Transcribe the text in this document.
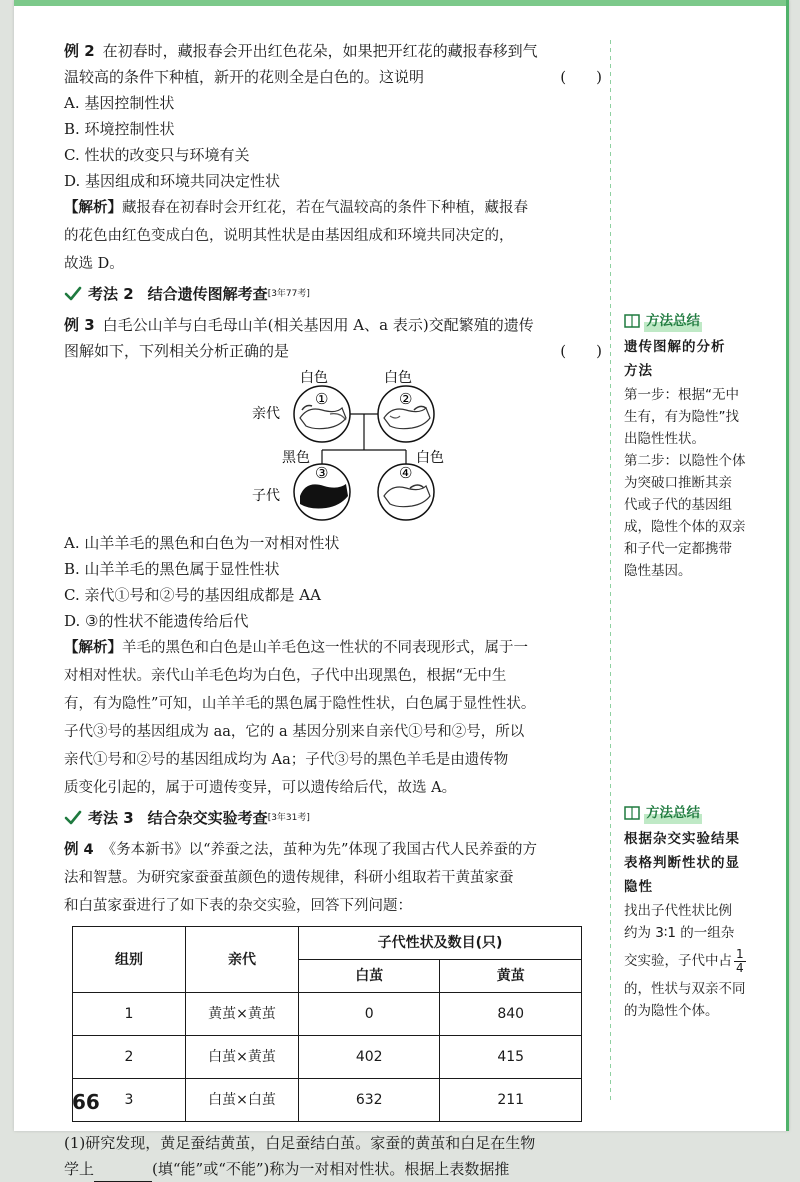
例 2 在初春时，藏报春会开出红色花朵，如果把开红花的藏报春移到气

温较高的条件下种植，新开的花则全是白色的。这说明	(　　)

A. 基因控制性状

B. 环境控制性状

C. 性状的改变只与环境有关

D. 基因组成和环境共同决定性状

【解析】藏报春在初春时会开红花，若在气温较高的条件下种植，藏报春

的花色由红色变成白色，说明其性状是由基因组成和环境共同决定的，

故选 D。

考法 2 结合遗传图解考查 [3年77考]

例 3 白毛公山羊与白毛母山羊(相关基因用 A、a 表示)交配繁殖的遗传

图解如下，下列相关分析正确的是	(　　)

白色	白色
亲代
子代
①	②
黑色	白色
③	④

A. 山羊羊毛的黑色和白色为一对相对性状

B. 山羊羊毛的黑色属于显性性状

C. 亲代①号和②号的基因组成都是 AA

D. ③的性状不能遗传给后代

【解析】羊毛的黑色和白色是山羊毛色这一性状的不同表现形式，属于一

对相对性状。亲代山羊毛色均为白色，子代中出现黑色，根据“无中生

有，有为隐性”可知，山羊羊毛的黑色属于隐性性状，白色属于显性性状。

子代③号的基因组成为 aa，它的 a 基因分别来自亲代①号和②号，所以

亲代①号和②号的基因组成均为 Aa；子代③号的黑色羊毛是由遗传物

质变化引起的，属于可遗传变异，可以遗传给后代，故选 A。

考法 3 结合杂交实验考查 [3年31考]

例 4 《务本新书》以“养蚕之法，茧种为先”体现了我国古代人民养蚕的方

法和智慧。为研究家蚕蚕茧颜色的遗传规律，科研小组取若干黄茧家蚕

和白茧家蚕进行了如下表的杂交实验，回答下列问题：

组别	亲代	子代性状及数目(只)	
		白茧	黄茧
1	黄茧×黄茧	0	840
2	白茧×黄茧	402	415
3	白茧×白茧	632	211

(1)研究发现，黄足蚕结黄茧，白足蚕结白茧。家蚕的黄茧和白足在生物

学上	(填“能”或“不能”)称为一对相对性状。根据上表数据推

方法总结
遗传图解的分析
方法
第一步：根据“无中
生有，有为隐性”找
出隐性性状。
第二步：以隐性个体
为突破口推断其亲
代或子代的基因组
成，隐性个体的双亲
和子代一定都携带
隐性基因。
方法总结
根据杂交实验结果
表格判断性状的显
隐性
找出子代性状比例
约为 3∶1 的一组杂
交实验，子代中占 $\frac{1}{4}$
的，性状与双亲不同
的为隐性个体。
66
